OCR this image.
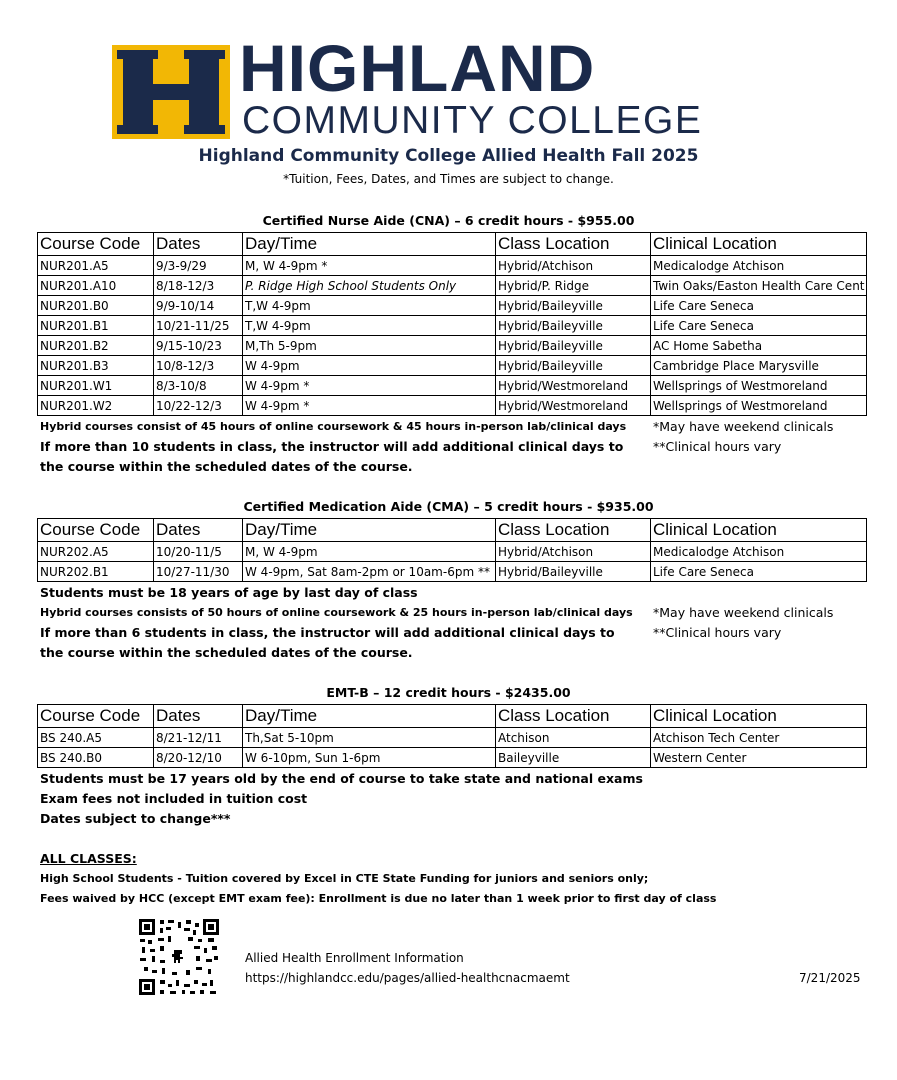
HIGHLAND
COMMUNITY COLLEGE
Highland Community College Allied Health Fall 2025
*Tuition, Fees, Dates, and Times are subject to change.
Certified Nurse Aide (CNA) – 6 credit hours - $955.00
Course Code	Dates	Day/Time	Class Location	Clinical Location
NUR201.A5	9/3-9/29	M, W 4-9pm *	Hybrid/Atchison	Medicalodge Atchison
NUR201.A10	8/18-12/3	P. Ridge High School Students Only	Hybrid/P. Ridge	Twin Oaks/Easton Health Care Cent
NUR201.B0	9/9-10/14	T,W 4-9pm	Hybrid/Baileyville	Life Care Seneca
NUR201.B1	10/21-11/25	T,W 4-9pm	Hybrid/Baileyville	Life Care Seneca
NUR201.B2	9/15-10/23	M,Th 5-9pm	Hybrid/Baileyville	AC Home Sabetha
NUR201.B3	10/8-12/3	W 4-9pm	Hybrid/Baileyville	Cambridge Place Marysville
NUR201.W1	8/3-10/8	W 4-9pm *	Hybrid/Westmoreland	Wellsprings of Westmoreland
NUR201.W2	10/22-12/3	W 4-9pm *	Hybrid/Westmoreland	Wellsprings of Westmoreland
Hybrid courses consist of 45 hours of online coursework & 45 hours in-person lab/clinical days
If more than 10 students in class, the instructor will add additional clinical days to
the course within the scheduled dates of the course.
*May have weekend clinicals
**Clinical hours vary
Certified Medication Aide (CMA) – 5 credit hours - $935.00
Course Code	Dates	Day/Time	Class Location	Clinical Location
NUR202.A5	10/20-11/5	M, W 4-9pm	Hybrid/Atchison	Medicalodge Atchison
NUR202.B1	10/27-11/30	W 4-9pm, Sat 8am-2pm or 10am-6pm **	Hybrid/Baileyville	Life Care Seneca
Students must be 18 years of age by last day of class
Hybrid courses consists of 50 hours of online coursework & 25 hours in-person lab/clinical days
If more than 6 students in class, the instructor will add additional clinical days to
the course within the scheduled dates of the course.
*May have weekend clinicals
**Clinical hours vary
EMT-B – 12 credit hours - $2435.00
Course Code	Dates	Day/Time	Class Location	Clinical Location
BS 240.A5	8/21-12/11	Th,Sat 5-10pm	Atchison	Atchison Tech Center
BS 240.B0	8/20-12/10	W 6-10pm, Sun 1-6pm	Baileyville	Western Center
Students must be 17 years old by the end of course to take state and national exams
Exam fees not included in tuition cost
Dates subject to change***
ALL CLASSES:
High School Students - Tuition covered by Excel in CTE State Funding for juniors and seniors only;
Fees waived by HCC (except EMT exam fee): Enrollment is due no later than 1 week prior to first day of class
Allied Health Enrollment Information
https://highlandcc.edu/pages/allied-healthcnacmaemt	7/21/2025
